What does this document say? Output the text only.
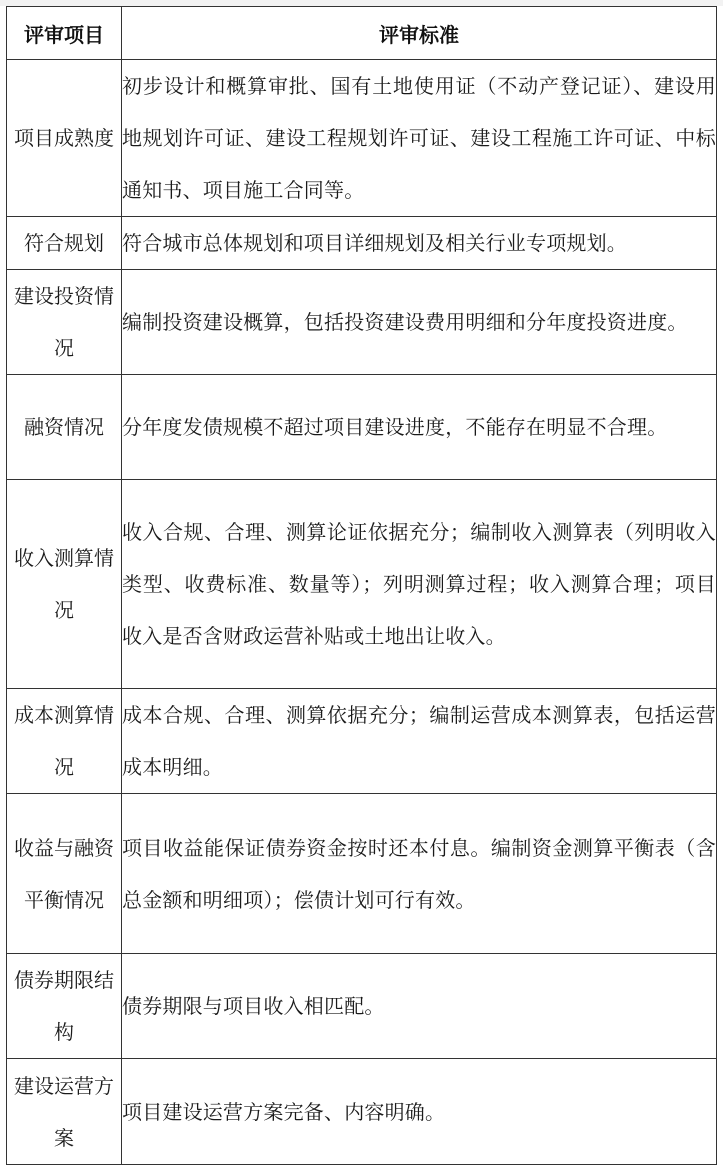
评审项目	评审标准
项目成熟度	初步设计和概算审批、国有土地使用证（不动产登记证）、建设用地规划许可证、建设工程规划许可证、建设工程施工许可证、中标通知书、项目施工合同等。
符合规划	符合城市总体规划和项目详细规划及相关行业专项规划。
建设投资情况	编制投资建设概算，包括投资建设费用明细和分年度投资进度。
融资情况	分年度发债规模不超过项目建设进度，不能存在明显不合理。
收入测算情况	收入合规、合理、测算论证依据充分；编制收入测算表（列明收入类型、收费标准、数量等）；列明测算过程；收入测算合理；项目收入是否含财政运营补贴或土地出让收入。
成本测算情况	成本合规、合理、测算依据充分；编制运营成本测算表，包括运营成本明细。
收益与融资平衡情况	项目收益能保证债券资金按时还本付息。编制资金测算平衡表（含总金额和明细项）；偿债计划可行有效。
债券期限结构	债券期限与项目收入相匹配。
建设运营方案	项目建设运营方案完备、内容明确。
